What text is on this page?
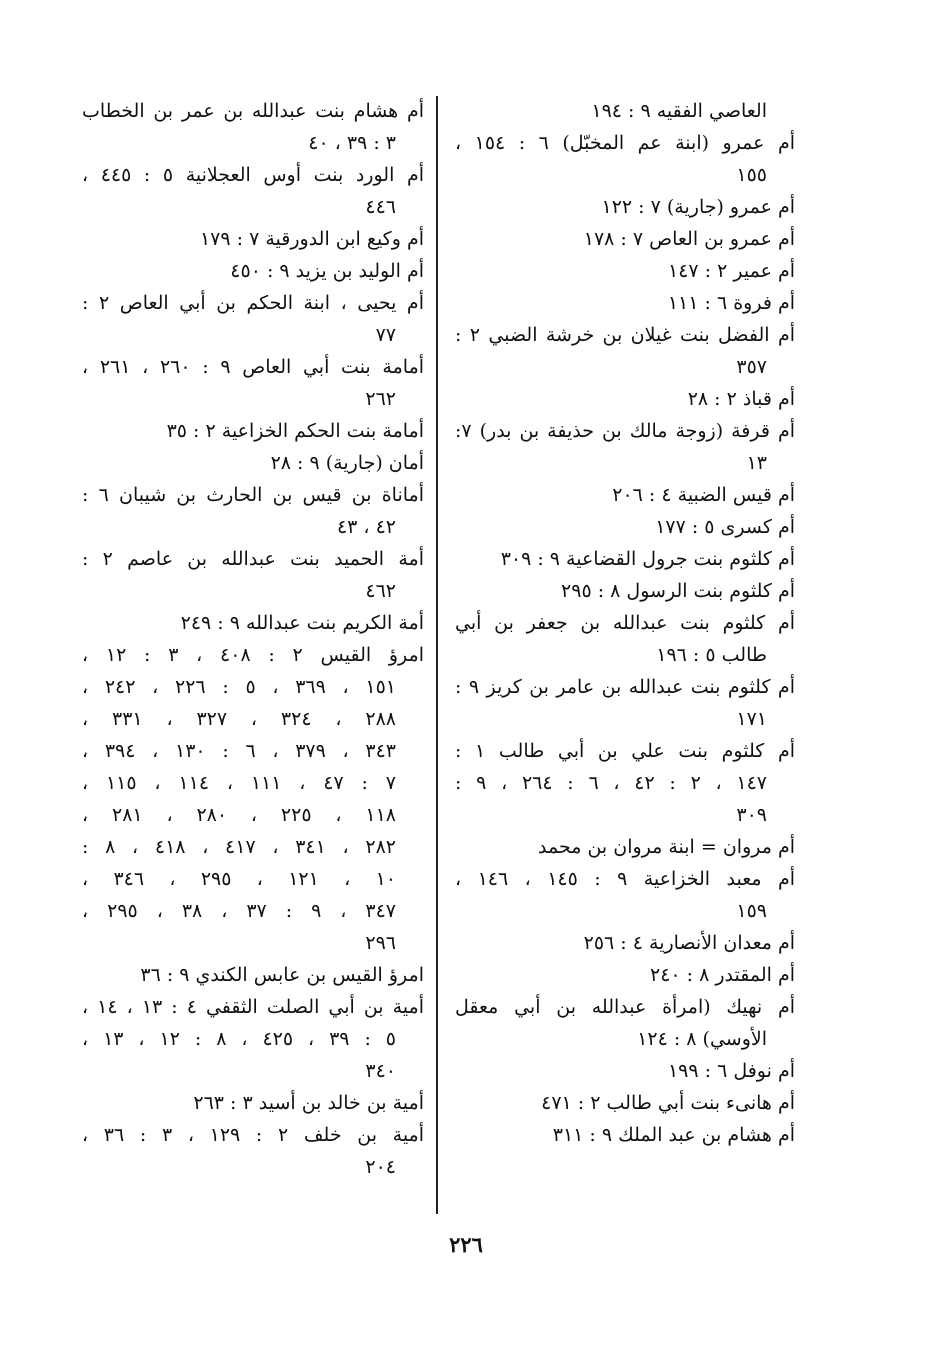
العاصي الفقيه ٩ : ١٩٤
أم عمرو (ابنة عم المخبّل) ٦ : ١٥٤ ،
١٥٥
أم عمرو (جارية) ٧ : ١٢٢
أم عمرو بن العاص ٧ : ١٧٨
أم عمير ٢ : ١٤٧
أم فروة ٦ : ١١١
أم الفضل بنت غيلان بن خرشة الضبي ٢ :
٣٥٧
أم قباذ ٢ : ٢٨
أم قرفة (زوجة مالك بن حذيفة بن بدر) ٧:
١٣
أم قيس الضبية ٤ : ٢٠٦
أم كسرى ٥ : ١٧٧
أم كلثوم بنت جرول القضاعية ٩ : ٣٠٩
أم كلثوم بنت الرسول ٨ : ٢٩٥
أم كلثوم بنت عبدالله بن جعفر بن أبي
طالب ٥ : ١٩٦
أم كلثوم بنت عبدالله بن عامر بن كريز ٩ :
١٧١
أم كلثوم بنت علي بن أبي طالب ١ :
١٤٧ ، ٢ : ٤٢ ، ٦ : ٢٦٤ ، ٩ :
٣٠٩
أم مروان = ابنة مروان بن محمد
أم معبد الخزاعية ٩ : ١٤٥ ، ١٤٦ ،
١٥٩
أم معدان الأنصارية ٤ : ٢٥٦
أم المقتدر ٨ : ٢٤٠
أم نهيك (امرأة عبدالله بن أبي معقل
الأوسي) ٨ : ١٢٤
أم نوفل ٦ : ١٩٩
أم هانىء بنت أبي طالب ٢ : ٤٧١
أم هشام بن عبد الملك ٩ : ٣١١
أم هشام بنت عبدالله بن عمر بن الخطاب
٣ : ٣٩ ، ٤٠
أم الورد بنت أوس العجلانية ٥ : ٤٤٥ ،
٤٤٦
أم وكيع ابن الدورقية ٧ : ١٧٩
أم الوليد بن يزيد ٩ : ٤٥٠
أم يحيى ، ابنة الحكم بن أبي العاص ٢ :
٧٧
أمامة بنت أبي العاص ٩ : ٢٦٠ ، ٢٦١ ،
٢٦٢
أمامة بنت الحكم الخزاعية ٢ : ٣٥
أمان (جارية) ٩ : ٢٨
أماناة بن قيس بن الحارث بن شيبان ٦ :
٤٢ ، ٤٣
أمة الحميد بنت عبدالله بن عاصم ٢ :
٤٦٢
أمة الكريم بنت عبدالله ٩ : ٢٤٩
امرؤ القيس ٢ : ٤٠٨ ، ٣ : ١٢ ،
١٥١ ، ٣٦٩ ، ٥ : ٢٢٦ ، ٢٤٢ ،
٢٨٨ ، ٣٢٤ ، ٣٢٧ ، ٣٣١ ،
٣٤٣ ، ٣٧٩ ، ٦ : ١٣٠ ، ٣٩٤ ،
٧ : ٤٧ ، ١١١ ، ١١٤ ، ١١٥ ،
١١٨ ، ٢٢٥ ، ٢٨٠ ، ٢٨١ ،
٢٨٢ ، ٣٤١ ، ٤١٧ ، ٤١٨ ، ٨ :
١٠ ، ١٢١ ، ٢٩٥ ، ٣٤٦ ،
٣٤٧ ، ٩ : ٣٧ ، ٣٨ ، ٢٩٥ ،
٢٩٦
امرؤ القيس بن عابس الكندي ٩ : ٣٦
أمية بن أبي الصلت الثقفي ٤ : ١٣ ، ١٤ ،
٥ : ٣٩ ، ٤٢٥ ، ٨ : ١٢ ، ١٣ ،
٣٤٠
أمية بن خالد بن أسيد ٣ : ٢٦٣
أمية بن خلف ٢ : ١٢٩ ، ٣ : ٣٦ ،
٢٠٤
٢٢٦
